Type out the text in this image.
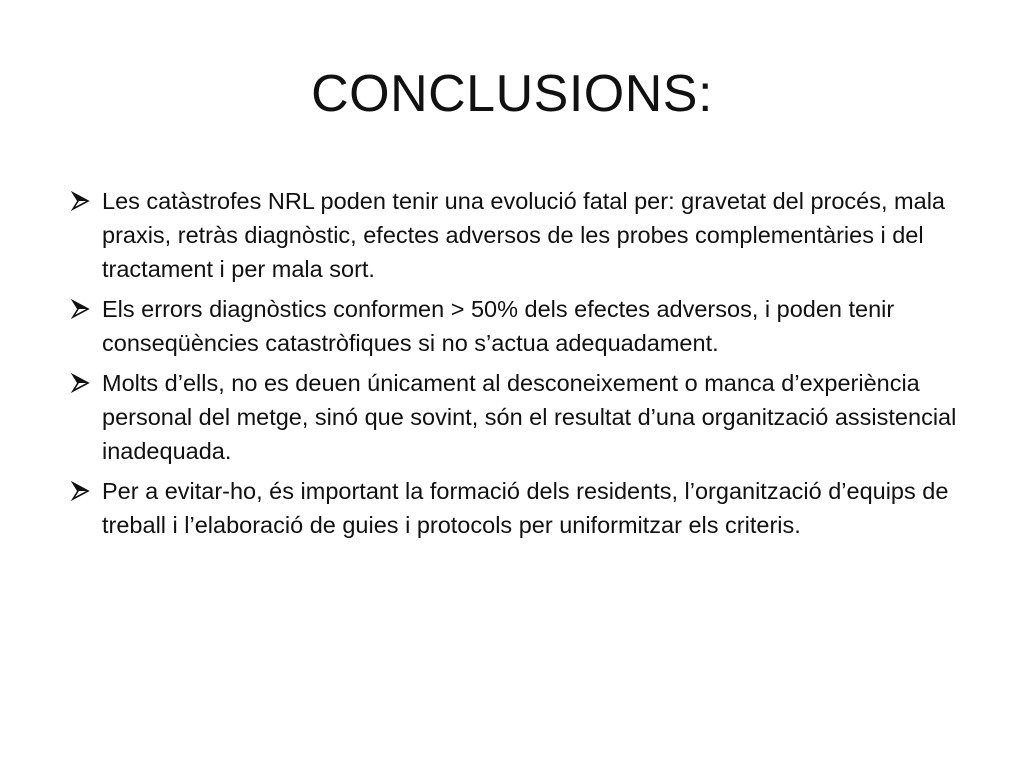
CONCLUSIONS:
Les catàstrofes NRL poden tenir una evolució fatal per: gravetat del procés, mala praxis, retràs diagnòstic, efectes adversos de les probes complementàries i del tractament i per mala sort.
Els errors diagnòstics conformen > 50% dels efectes adversos, i poden tenir conseqüències catastròfiques si no s’actua adequadament.
Molts d’ells, no es deuen únicament al desconeixement o manca d’experiència personal del metge, sinó que sovint, són el resultat d’una organització assistencial inadequada.
Per a evitar-ho, és important la formació dels residents, l’organització d’equips de treball i l’elaboració de guies i protocols per uniformitzar els criteris.
